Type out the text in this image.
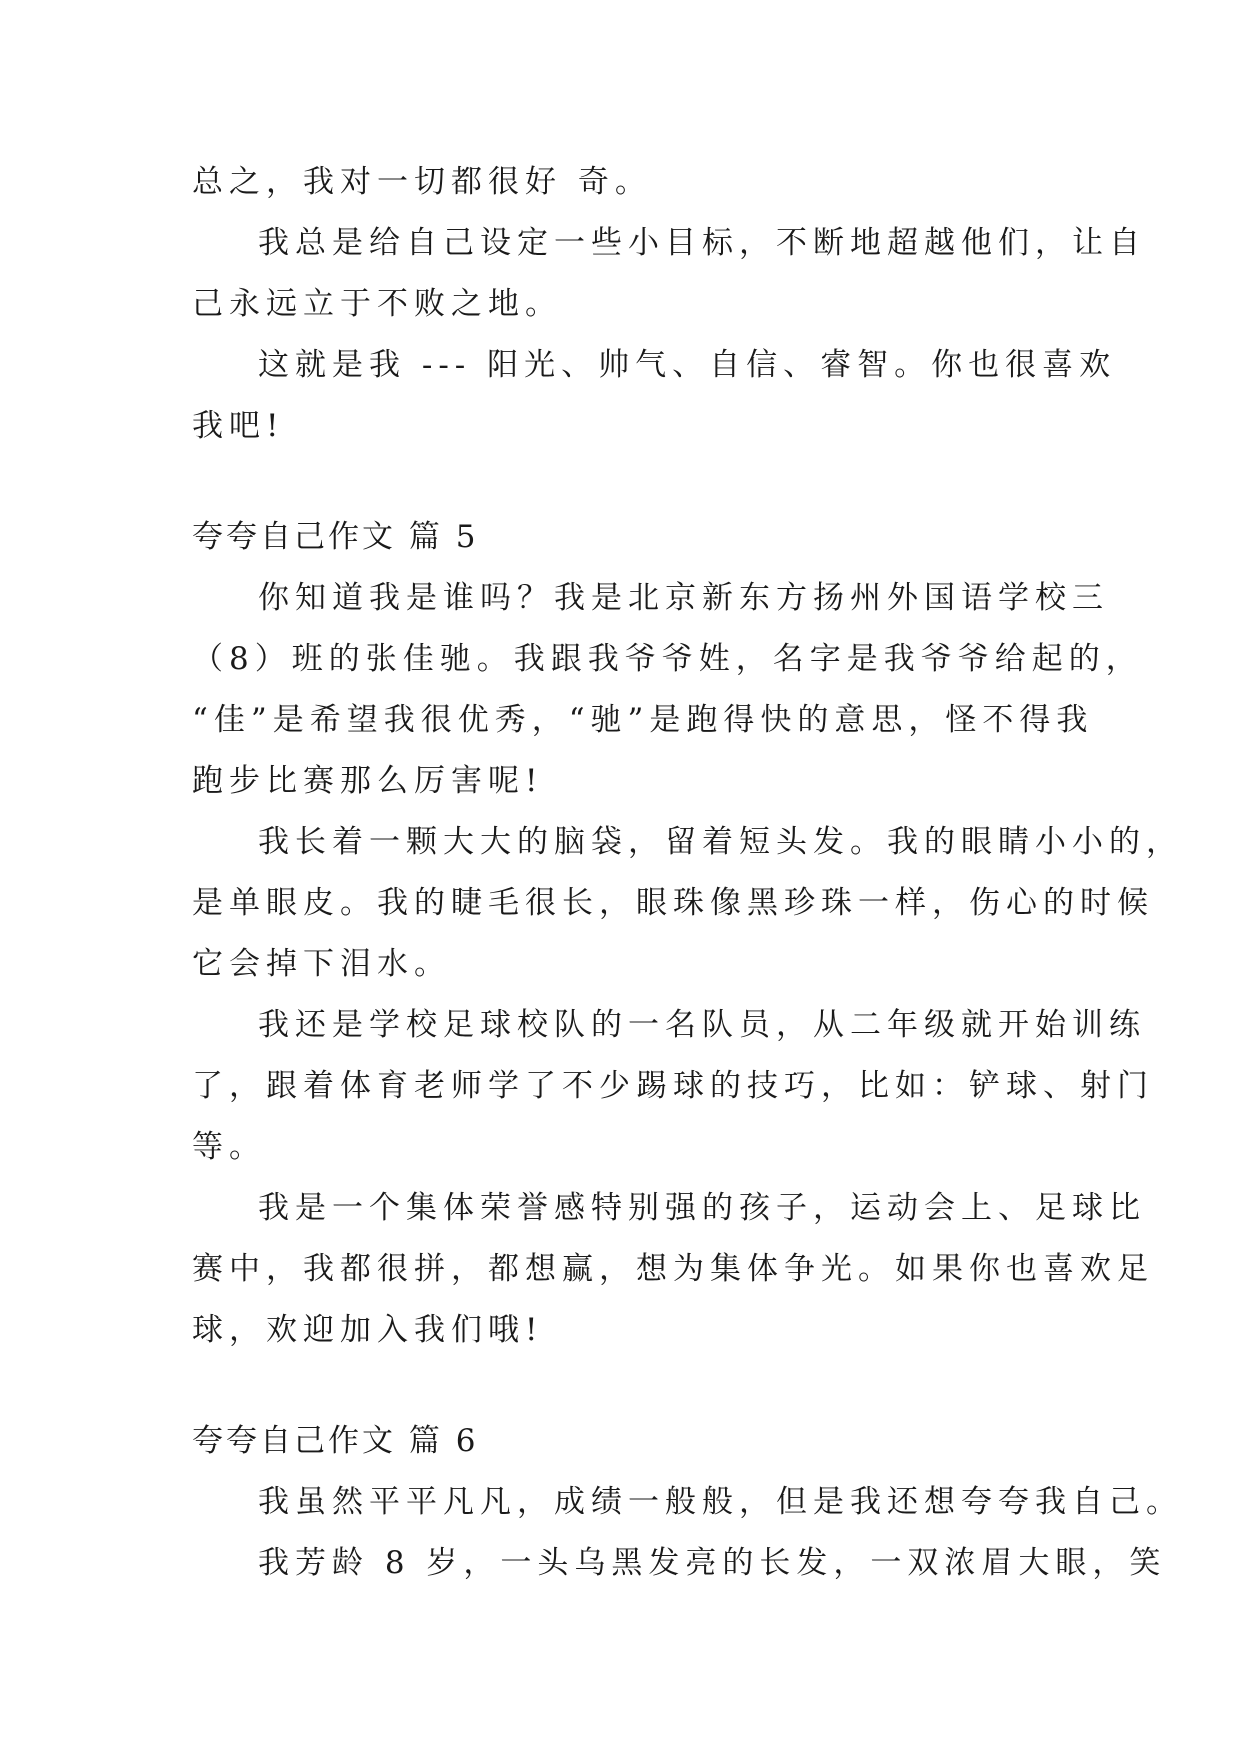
总之，我对一切都很好 奇。
我总是给自己设定一些小目标，不断地超越他们，让自
己永远立于不败之地。
这就是我 --- 阳光、帅气、自信、睿智。你也很喜欢
我吧!
夸夸自己作文 篇 5
你知道我是谁吗？我是北京新东方扬州外国语学校三
（8）班的张佳驰。我跟我爷爷姓，名字是我爷爷给起的，
“佳”是希望我很优秀，“驰”是跑得快的意思，怪不得我
跑步比赛那么厉害呢!
我长着一颗大大的脑袋，留着短头发。我的眼睛小小的，
是单眼皮。我的睫毛很长，眼珠像黑珍珠一样，伤心的时候
它会掉下泪水。
我还是学校足球校队的一名队员，从二年级就开始训练
了，跟着体育老师学了不少踢球的技巧，比如：铲球、射门
等。
我是一个集体荣誉感特别强的孩子，运动会上、足球比
赛中，我都很拼，都想赢，想为集体争光。如果你也喜欢足
球，欢迎加入我们哦!
夸夸自己作文 篇 6
我虽然平平凡凡，成绩一般般，但是我还想夸夸我自己。
我芳龄 8 岁，一头乌黑发亮的长发，一双浓眉大眼，笑
